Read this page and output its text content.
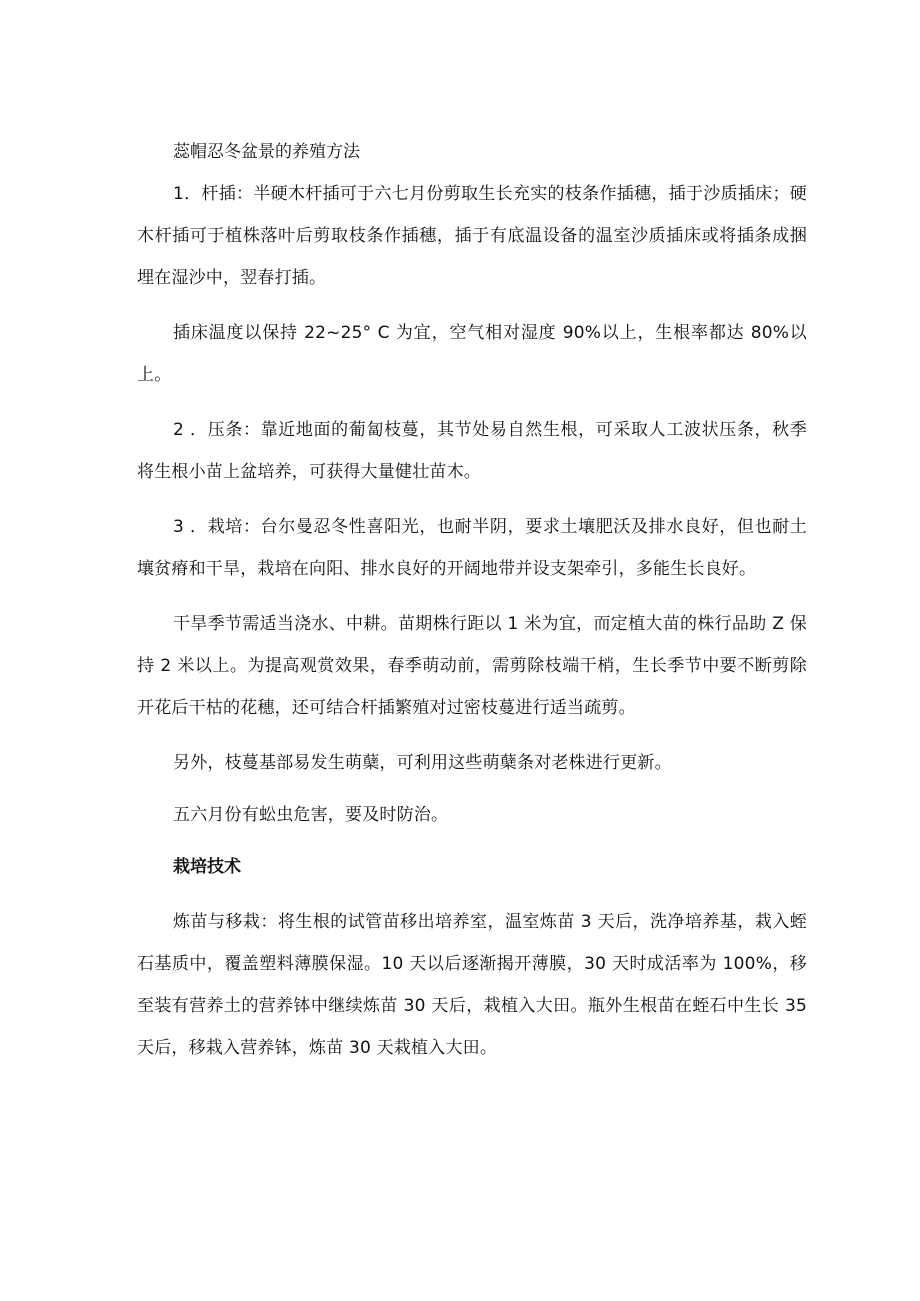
蕊帽忍冬盆景的养殖方法

1．杆插：半硬木杆插可于六七月份剪取生长充实的枝条作插穗，插于沙质插床；硬木杆插可于植株落叶后剪取枝条作插穗，插于有底温设备的温室沙质插床或将插条成捆埋在湿沙中，翌春打插。

插床温度以保持 22~25° C 为宜，空气相对湿度 90%以上，生根率都达 80%以上。

2 ．压条：靠近地面的葡匐枝蔓，其节处易自然生根，可采取人工波状压条，秋季将生根小苗上盆培养，可获得大量健壮苗木。

3 ．栽培：台尔曼忍冬性喜阳光，也耐半阴，要求土壤肥沃及排水良好，但也耐土壤贫瘠和干旱，栽培在向阳、排水良好的开阔地带并设支架牵引，多能生长良好。

干旱季节需适当浇水、中耕。苗期株行距以 1 米为宜，而定植大苗的株行品助 Z 保持 2 米以上。为提高观赏效果，春季萌动前，需剪除枝端干梢，生长季节中要不断剪除开花后干枯的花穗，还可结合杆插繁殖对过密枝蔓进行适当疏剪。

另外，枝蔓基部易发生萌蘖，可利用这些萌蘖条对老株进行更新。

五六月份有蚣虫危害，要及时防治。

栽培技术

炼苗与移栽：将生根的试管苗移出培养室，温室炼苗 3 天后，洗净培养基，栽入蛭石基质中，覆盖塑料薄膜保湿。10 天以后逐渐揭开薄膜，30 天时成活率为 100%，移至装有营养土的营养钵中继续炼苗 30 天后，栽植入大田。瓶外生根苗在蛭石中生长 35 天后，移栽入营养钵，炼苗 30 天栽植入大田。
